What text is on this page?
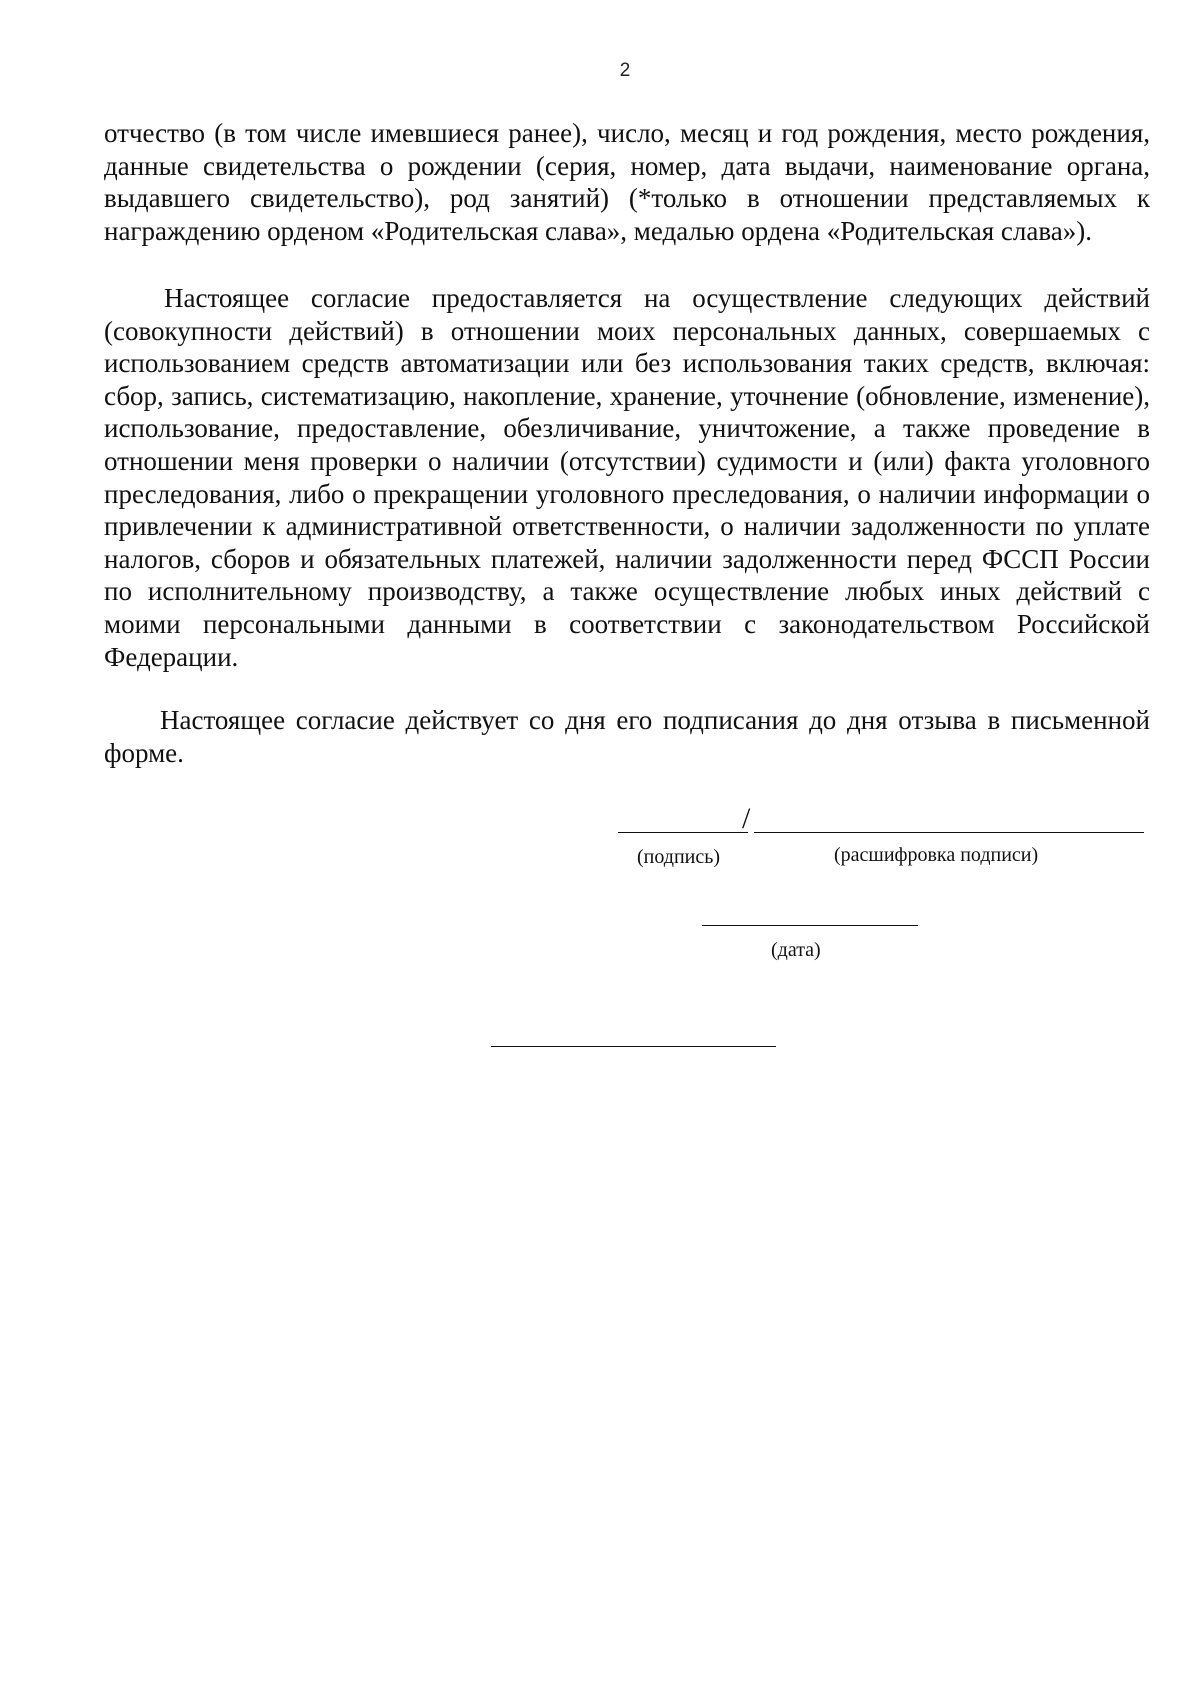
2
отчество (в том числе имевшиеся ранее), число, месяц и год рождения, место рождения, данные свидетельства о рождении (серия, номер, дата выдачи, наименование органа, выдавшего свидетельство), род занятий) (*только в отношении представляемых к награждению орденом «Родительская слава», медалью ордена «Родительская слава»).
Настоящее согласие предоставляется на осуществление следующих действий (совокупности действий) в отношении моих персональных данных, совершаемых с использованием средств автоматизации или без использования таких средств, включая: сбор, запись, систематизацию, накопление, хранение, уточнение (обновление, изменение), использование, предоставление, обезличивание, уничтожение, а также проведение в отношении меня проверки о наличии (отсутствии) судимости и (или) факта уголовного преследования, либо о прекращении уголовного преследования, о наличии информации о привлечении к административной ответственности, о наличии задолженности по уплате налогов, сборов и обязательных платежей, наличии задолженности перед ФССП России по исполнительному производству, а также осуществление любых иных действий с моими персональными данными в соответствии с законодательством Российской Федерации.
Настоящее согласие действует со дня его подписания до дня отзыва в письменной форме.
/
(подпись)	(расшифровка подписи)
(дата)
